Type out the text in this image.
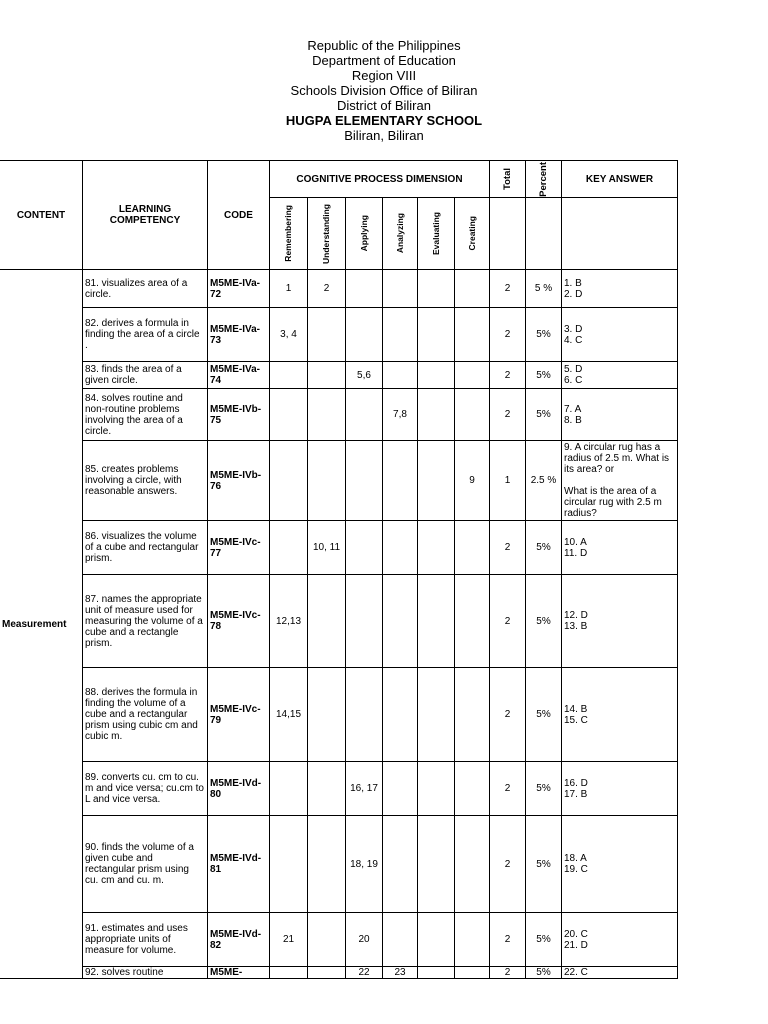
Republic of the Philippines
Department of Education
Region VIII
Schools Division Office of Biliran
District of Biliran
HUGPA ELEMENTARY SCHOOL
Biliran, Biliran
CONTENT	LEARNING COMPETENCY	CODE	COGNITIVE PROCESS DIMENSION						Total	Percent	KEY ANSWER

			Remembering	Understanding	Applying	Analyzing	Evaluating	Creating			

Measurement	81. visualizes area of a circle.	M5ME-IVa-72	1	2					2	5 %	1. B
2. D
	82. derives a formula in finding the area of a circle .	M5ME-IVa-73	3, 4						2	5%	3. D
4. C
	83. finds the area of a given circle.	M5ME-IVa-74			5,6				2	5%	5. D
6. C
	84. solves routine and non-routine problems involving the area of a circle.	M5ME-IVb-75				7,8			2	5%	7. A
8. B
	85. creates problems involving a circle, with reasonable answers.	M5ME-IVb-76						9	1	2.5 %	9. A circular rug has a radius of 2.5 m. What is its area? or

What is the area of a circular rug with 2.5 m radius?
	86. visualizes the volume of a cube and rectangular prism.	M5ME-IVc-77		10, 11					2	5%	10. A
11. D
	87. names the appropriate unit of measure used for measuring the volume of a cube and a rectangle prism.	M5ME-IVc-78	12,13						2	5%	12. D
13. B
	88. derives the formula in finding the volume of a cube and a rectangular prism using cubic cm and cubic m.	M5ME-IVc-79	14,15						2	5%	14. B
15. C
	89. converts cu. cm to cu. m and vice versa; cu.cm to L and vice versa.	M5ME-IVd-80			16, 17				2	5%	16. D
17. B
	90. finds the volume of a given cube and rectangular prism using cu. cm and cu. m.	M5ME-IVd-81			18, 19				2	5%	18. A
19. C
	91. estimates and uses appropriate units of measure for volume.	M5ME-IVd-82	21		20				2	5%	20. C
21. D
	92. solves routine	M5ME-			22	23			2	5%	22. C
